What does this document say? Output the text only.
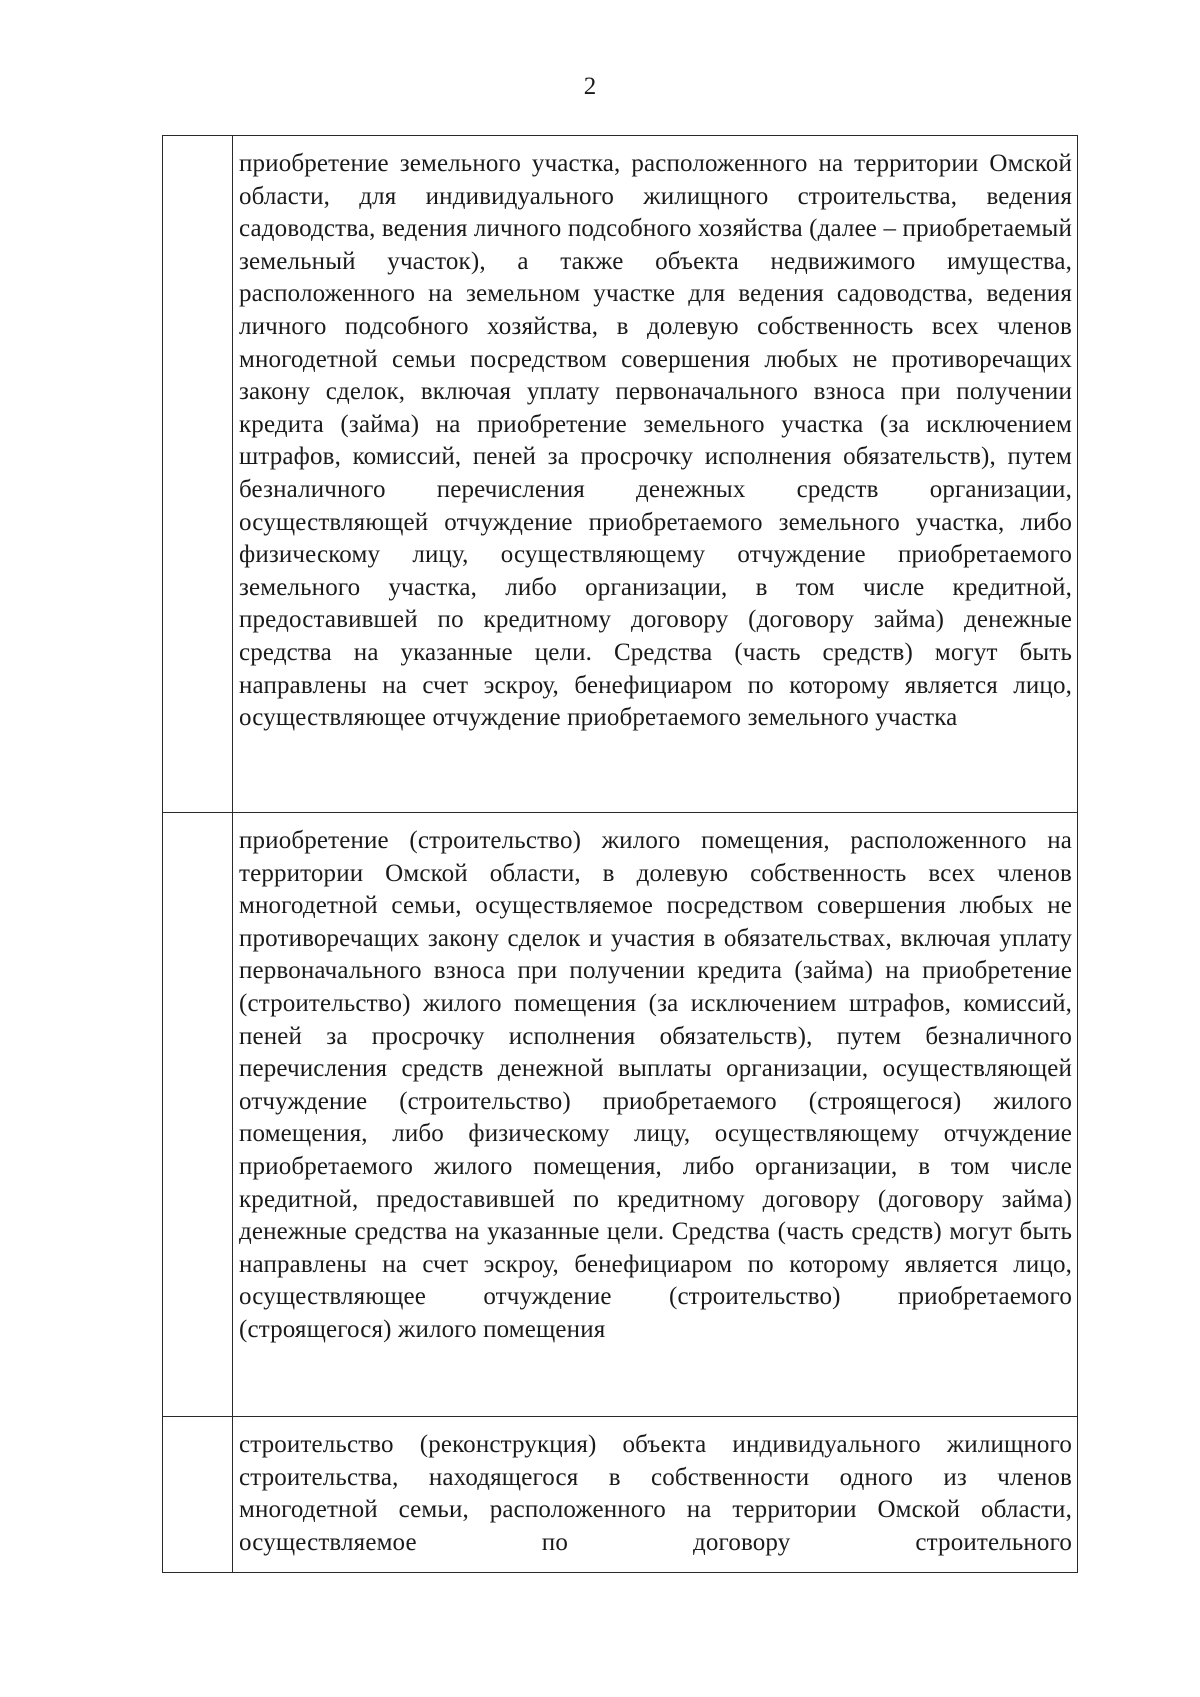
2

	приобретение земельного участка, расположенного на территории Омской области, для индивидуального жилищного строительства, ведения садоводства, ведения личного подсобного хозяйства (далее – приобретаемый земельный участок), а также объекта недвижимого имущества, расположенного на земельном участке для ведения садоводства, ведения личного подсобного хозяйства, в долевую собственность всех членов многодетной семьи посредством совершения любых не противоречащих закону сделок, включая уплату первоначального взноса при получении кредита (займа) на приобретение земельного участка (за исключением штрафов, комиссий, пеней за просрочку исполнения обязательств), путем безналичного перечисления денежных средств организации, осуществляющей отчуждение приобретаемого земельного участка, либо физическому лицу, осуществляющему отчуждение приобретаемого земельного участка, либо организации, в том числе кредитной, предоставившей по кредитному договору (договору займа) денежные средства на указанные цели. Средства (часть средств) могут быть направлены на счет эскроу, бенефициаром по которому является лицо, осуществляющее отчуждение приобретаемого земельного участка

	приобретение (строительство) жилого помещения, расположенного на территории Омской области, в долевую собственность всех членов многодетной семьи, осуществляемое посредством совершения любых не противоречащих закону сделок и участия в обязательствах, включая уплату первоначального взноса при получении кредита (займа) на приобретение (строительство) жилого помещения (за исключением штрафов, комиссий, пеней за просрочку исполнения обязательств), путем безналичного перечисления средств денежной выплаты организации, осуществляющей отчуждение (строительство) приобретаемого (строящегося) жилого помещения, либо физическому лицу, осуществляющему отчуждение приобретаемого жилого помещения, либо организации, в том числе кредитной, предоставившей по кредитному договору (договору займа) денежные средства на указанные цели. Средства (часть средств) могут быть направлены на счет эскроу, бенефициаром по которому является лицо, осуществляющее отчуждение (строительство) приобретаемого (строящегося) жилого помещения

	строительство (реконструкция) объекта индивидуального жилищного строительства, находящегося в собственности одного из членов многодетной семьи, расположенного на территории Омской области, осуществляемое по договору строительного
